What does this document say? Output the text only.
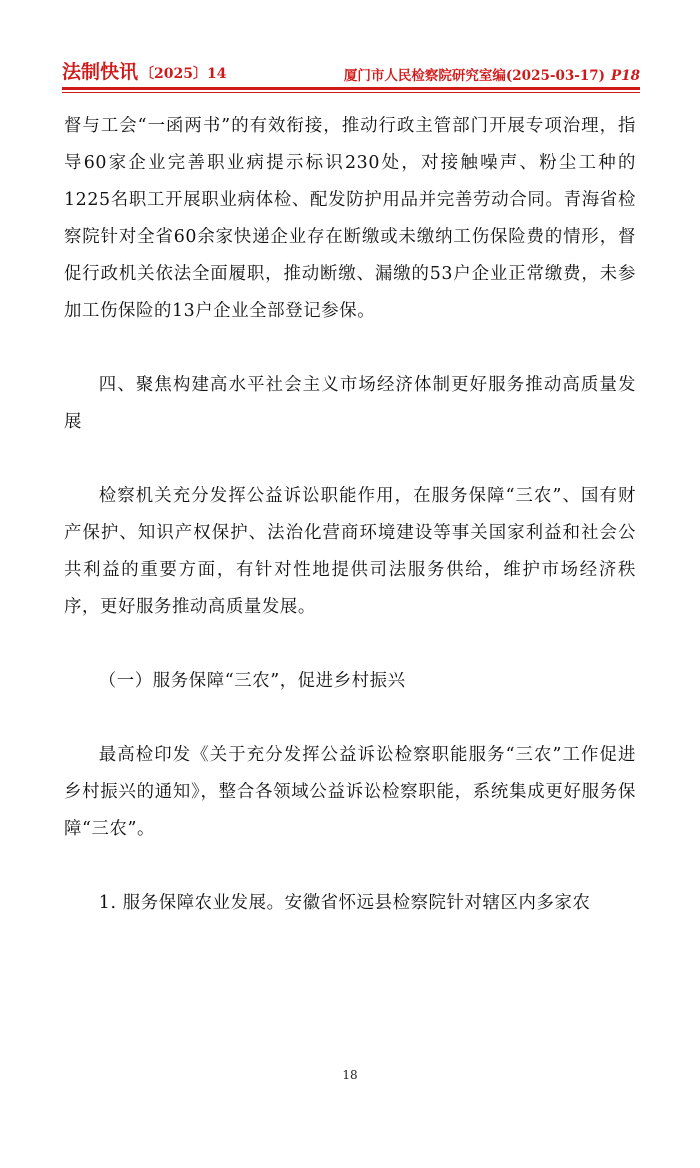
法制快讯 〔2025〕14	厦门市人民检察院研究室编(2025-03-17) P18

督与工会“一函两书”的有效衔接，推动行政主管部门开展专项治理，指导60家企业完善职业病提示标识230处，对接触噪声、粉尘工种的1225名职工开展职业病体检、配发防护用品并完善劳动合同。青海省检察院针对全省60余家快递企业存在断缴或未缴纳工伤保险费的情形，督促行政机关依法全面履职，推动断缴、漏缴的53户企业正常缴费，未参加工伤保险的13户企业全部登记参保。

四、聚焦构建高水平社会主义市场经济体制更好服务推动高质量发展

检察机关充分发挥公益诉讼职能作用，在服务保障“三农”、国有财产保护、知识产权保护、法治化营商环境建设等事关国家利益和社会公共利益的重要方面，有针对性地提供司法服务供给，维护市场经济秩序，更好服务推动高质量发展。

（一）服务保障“三农”，促进乡村振兴

最高检印发《关于充分发挥公益诉讼检察职能服务“三农”工作促进乡村振兴的通知》，整合各领域公益诉讼检察职能，系统集成更好服务保障“三农”。

1. 服务保障农业发展。安徽省怀远县检察院针对辖区内多家农

18
